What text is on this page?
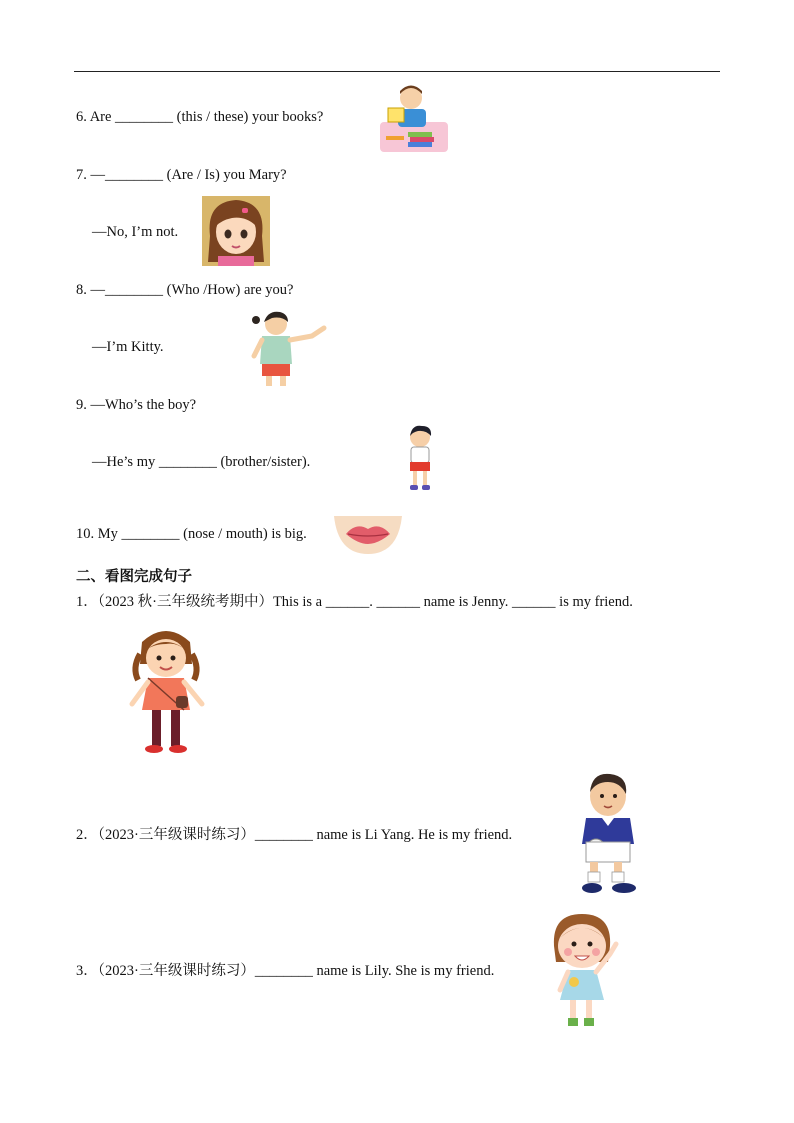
6. Are ________ (this / these) your books?
7. —________ (Are / Is) you Mary?
—No, I’m not.
8. —________ (Who /How) are you?
—I’m Kitty.
9. —Who’s the boy?
—He’s my ________ (brother/sister).
10. My ________ (nose / mouth) is big.
二、看图完成句子
1．（2023 秋·三年级统考期中）This is a ______. ______ name is Jenny. ______ is my friend.
2．（2023·三年级课时练习）________ name is Li Yang. He is my friend.
3．（2023·三年级课时练习）________ name is Lily. She is my friend.
